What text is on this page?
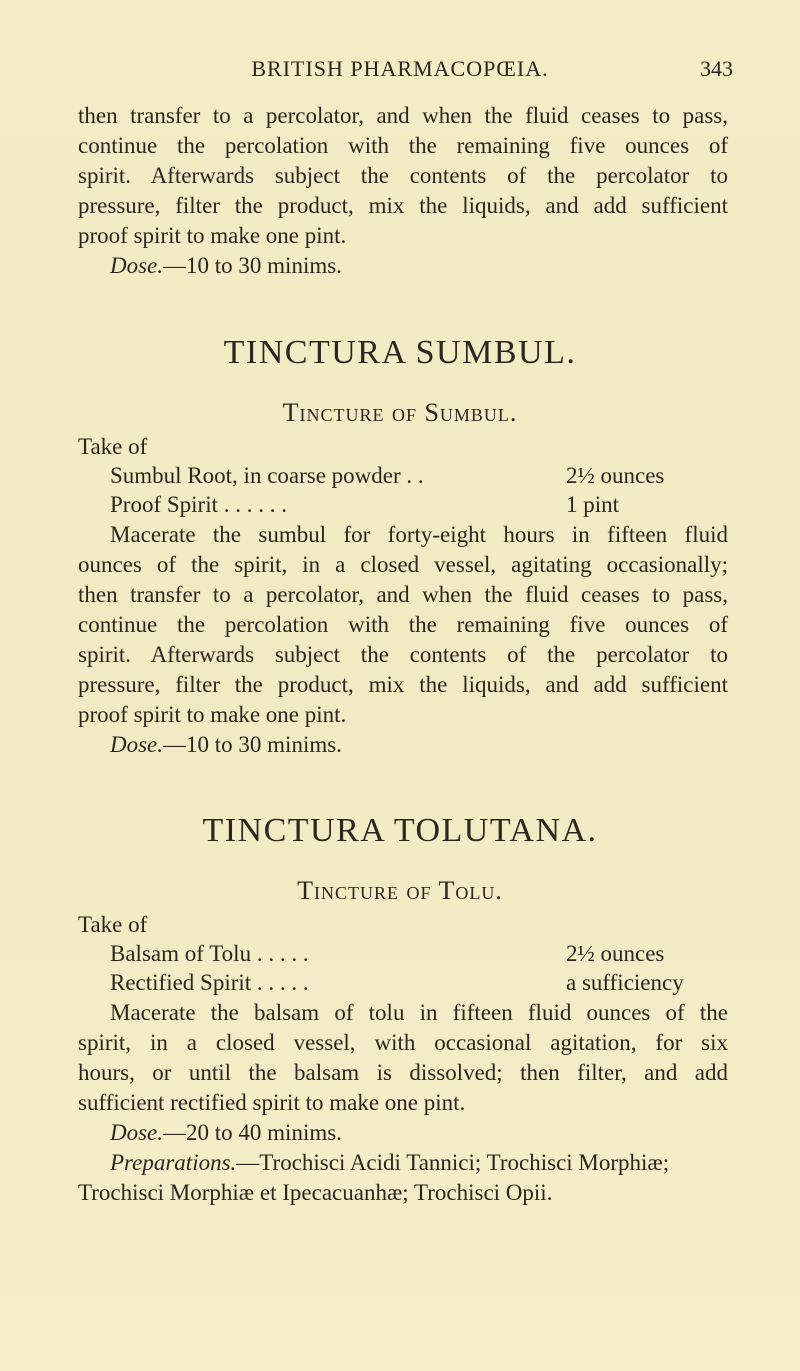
BRITISH PHARMACOPŒIA.	343
then transfer to a percolator, and when the fluid ceases to pass,
continue the percolation with the remaining five ounces of
spirit. Afterwards subject the contents of the percolator to
pressure, filter the product, mix the liquids, and add sufficient
proof spirit to make one pint.
Dose.—10 to 30 minims.
TINCTURA SUMBUL.
Tincture of Sumbul.
Take of
Sumbul Root, in coarse powder . .	2½ ounces
Proof Spirit . . . . . .	1 pint
Macerate the sumbul for forty-eight hours in fifteen fluid
ounces of the spirit, in a closed vessel, agitating occasionally;
then transfer to a percolator, and when the fluid ceases to pass,
continue the percolation with the remaining five ounces of
spirit. Afterwards subject the contents of the percolator to
pressure, filter the product, mix the liquids, and add sufficient
proof spirit to make one pint.
Dose.—10 to 30 minims.
TINCTURA TOLUTANA.
Tincture of Tolu.
Take of
Balsam of Tolu . . . . .	2½ ounces
Rectified Spirit . . . . .	a sufficiency
Macerate the balsam of tolu in fifteen fluid ounces of the
spirit, in a closed vessel, with occasional agitation, for six
hours, or until the balsam is dissolved; then filter, and add
sufficient rectified spirit to make one pint.
Dose.—20 to 40 minims.
Preparations.—Trochisci Acidi Tannici; Trochisci Morphiæ;
Trochisci Morphiæ et Ipecacuanhæ; Trochisci Opii.
